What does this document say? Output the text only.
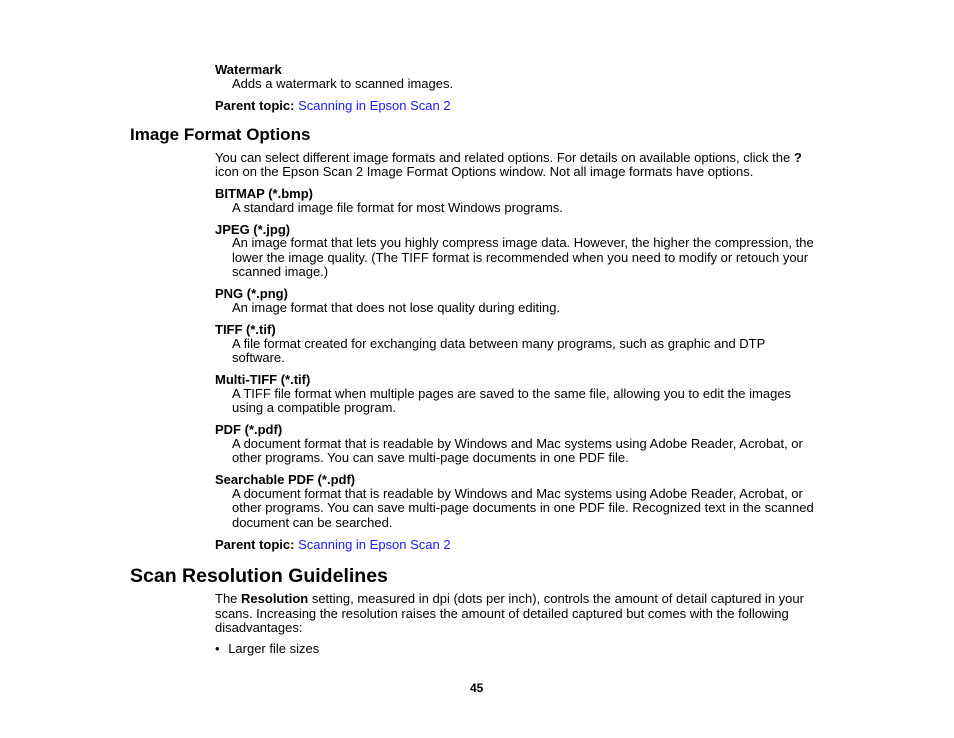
Watermark
Adds a watermark to scanned images.
Parent topic: Scanning in Epson Scan 2
Image Format Options
You can select different image formats and related options. For details on available options, click the ?
icon on the Epson Scan 2 Image Format Options window. Not all image formats have options.
BITMAP (*.bmp)
A standard image file format for most Windows programs.
JPEG (*.jpg)
An image format that lets you highly compress image data. However, the higher the compression, the
lower the image quality. (The TIFF format is recommended when you need to modify or retouch your
scanned image.)
PNG (*.png)
An image format that does not lose quality during editing.
TIFF (*.tif)
A file format created for exchanging data between many programs, such as graphic and DTP
software.
Multi-TIFF (*.tif)
A TIFF file format when multiple pages are saved to the same file, allowing you to edit the images
using a compatible program.
PDF (*.pdf)
A document format that is readable by Windows and Mac systems using Adobe Reader, Acrobat, or
other programs. You can save multi-page documents in one PDF file.
Searchable PDF (*.pdf)
A document format that is readable by Windows and Mac systems using Adobe Reader, Acrobat, or
other programs. You can save multi-page documents in one PDF file. Recognized text in the scanned
document can be searched.
Parent topic: Scanning in Epson Scan 2
Scan Resolution Guidelines
The Resolution setting, measured in dpi (dots per inch), controls the amount of detail captured in your
scans. Increasing the resolution raises the amount of detailed captured but comes with the following
disadvantages:
• Larger file sizes
45
